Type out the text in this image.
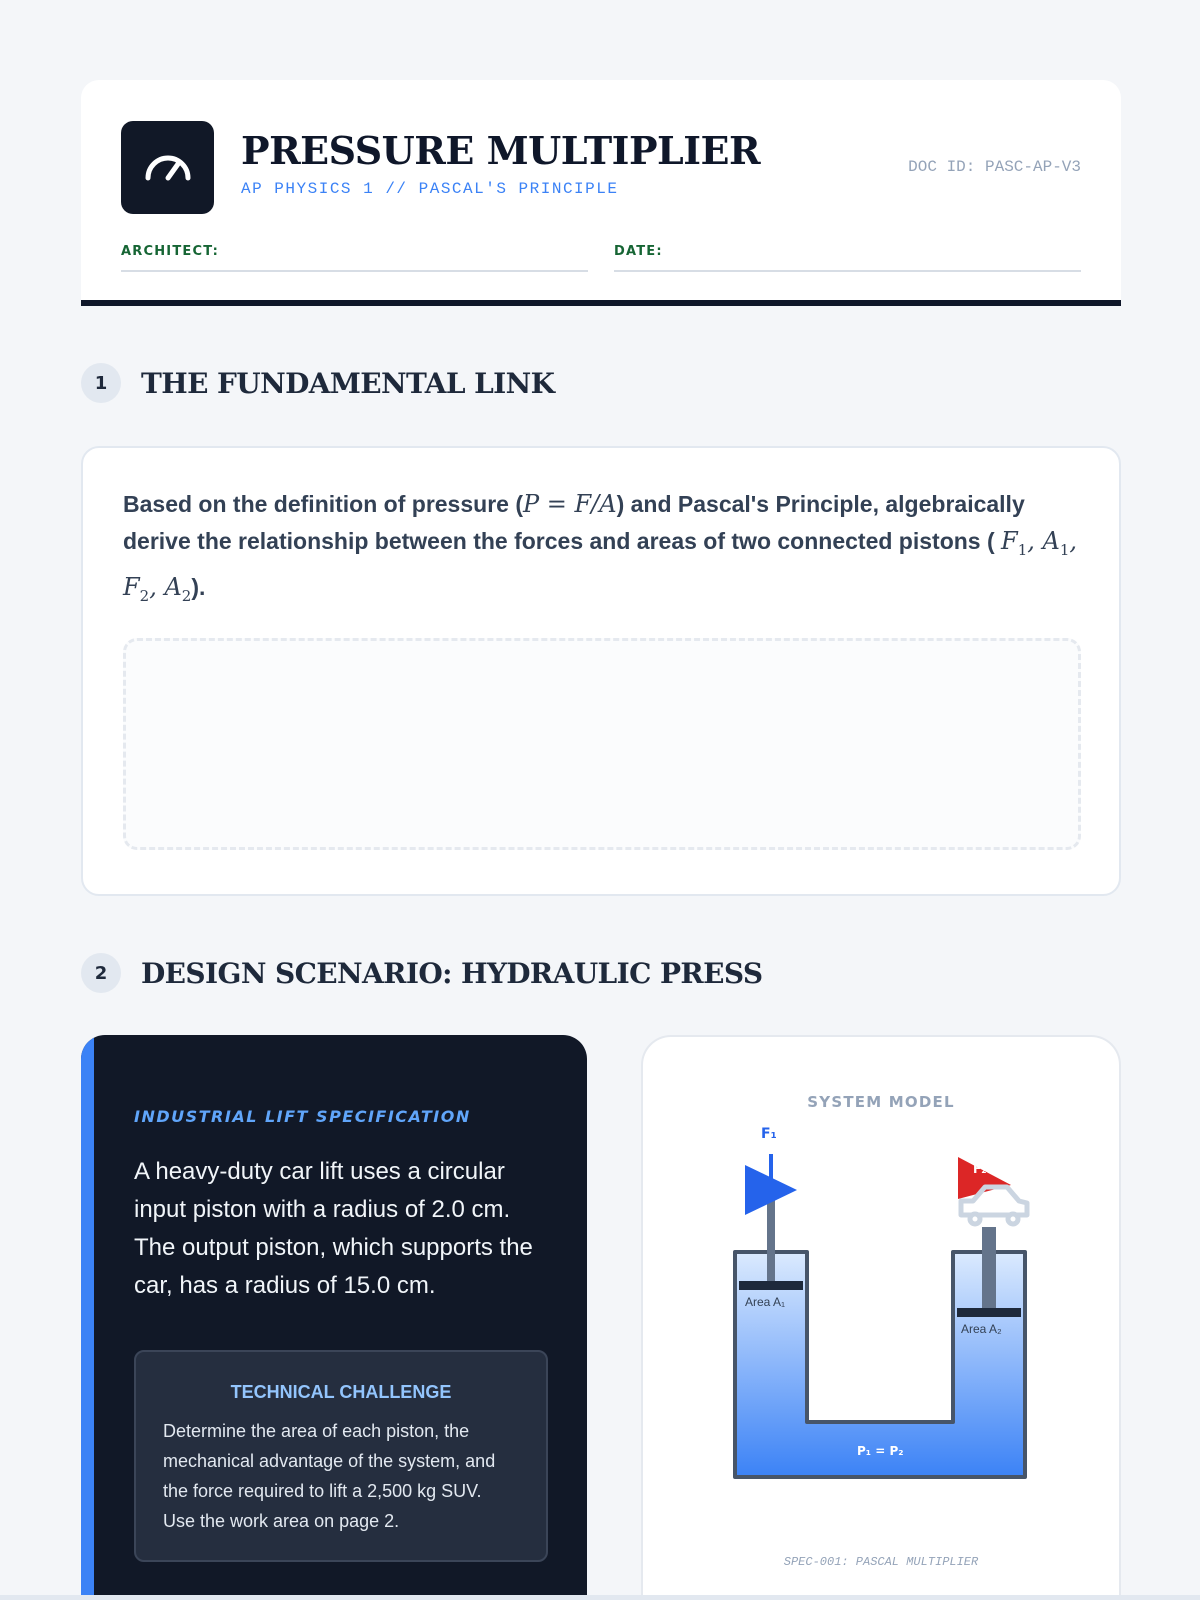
PRESSURE MULTIPLIER
AP PHYSICS 1 // PASCAL'S PRINCIPLE
DOC ID: PASC-AP-V3
ARCHITECT:	DATE:
1	THE FUNDAMENTAL LINK
Based on the definition of pressure (P = F/A) and Pascal's Principle, algebraically derive the relationship between the forces and areas of two connected pistons ( $F_1$, $A_1$, $F_2$, $A_2$).
2	DESIGN SCENARIO: HYDRAULIC PRESS
INDUSTRIAL LIFT SPECIFICATION
A heavy-duty car lift uses a circular input piston with a radius of 2.0 cm. The output piston, which supports the car, has a radius of 15.0 cm.
TECHNICAL CHALLENGE
Determine the area of each piston, the mechanical advantage of the system, and the force required to lift a 2,500 kg SUV. Use the work area on page 2.
SYSTEM MODEL
F₁
F₂
Area A₁
Area A₂
P₁ = P₂
SPEC-001: PASCAL MULTIPLIER
